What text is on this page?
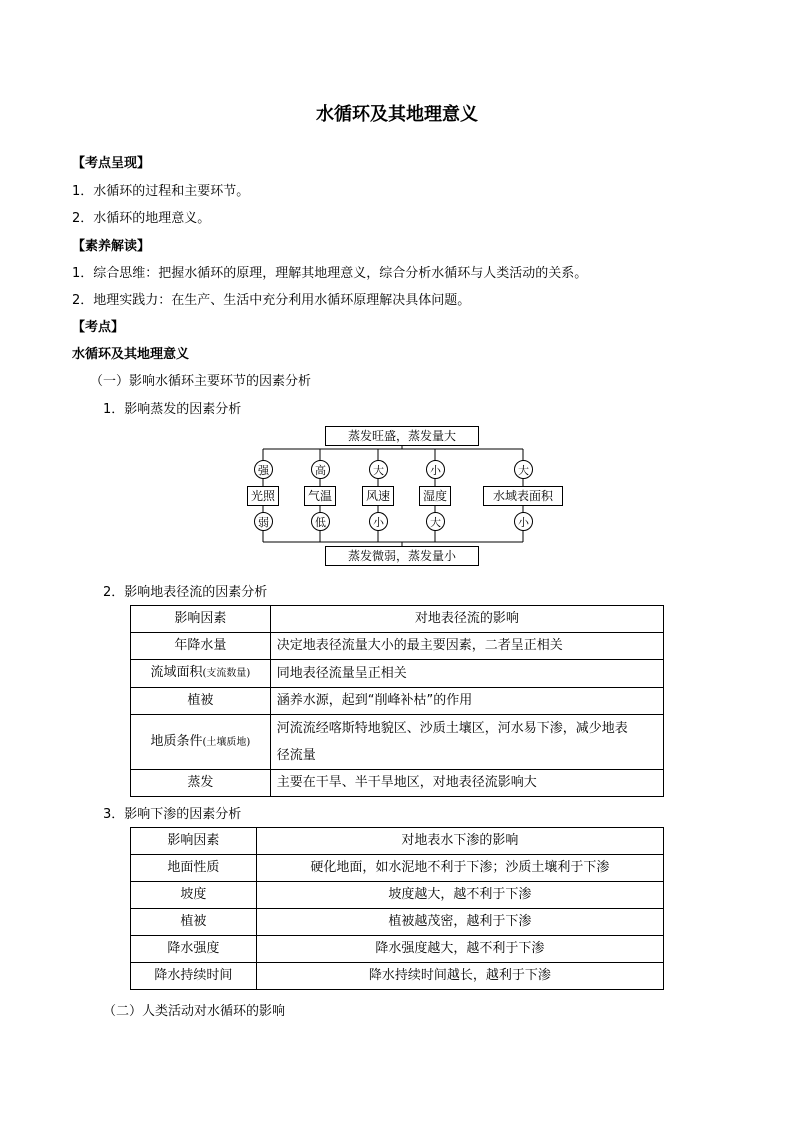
水循环及其地理意义
【考点呈现】
1．水循环的过程和主要环节。
2．水循环的地理意义。
【素养解读】
1．综合思维：把握水循环的原理，理解其地理意义，综合分析水循环与人类活动的关系。
2．地理实践力：在生产、生活中充分利用水循环原理解决具体问题。
【考点】
水循环及其地理意义
（一）影响水循环主要环节的因素分析
1．影响蒸发的因素分析
蒸发旺盛，蒸发量大
蒸发微弱，蒸发量小
强
光照
弱
高
气温
低
大
风速
小
小
湿度
大
大
水域表面积
小
2．影响地表径流的因素分析
影响因素	对地表径流的影响
年降水量	决定地表径流量大小的最主要因素，二者呈正相关
流域面积(支流数量)	同地表径流量呈正相关
植被	涵养水源，起到“削峰补枯”的作用
地质条件(土壤质地)	河流流经喀斯特地貌区、沙质土壤区，河水易下渗，减少地表
径流量
蒸发	主要在干旱、半干旱地区，对地表径流影响大
3．影响下渗的因素分析
影响因素	对地表水下渗的影响
地面性质	硬化地面，如水泥地不利于下渗；沙质土壤利于下渗
坡度	坡度越大，越不利于下渗
植被	植被越茂密，越利于下渗
降水强度	降水强度越大，越不利于下渗
降水持续时间	降水持续时间越长，越利于下渗
（二）人类活动对水循环的影响
